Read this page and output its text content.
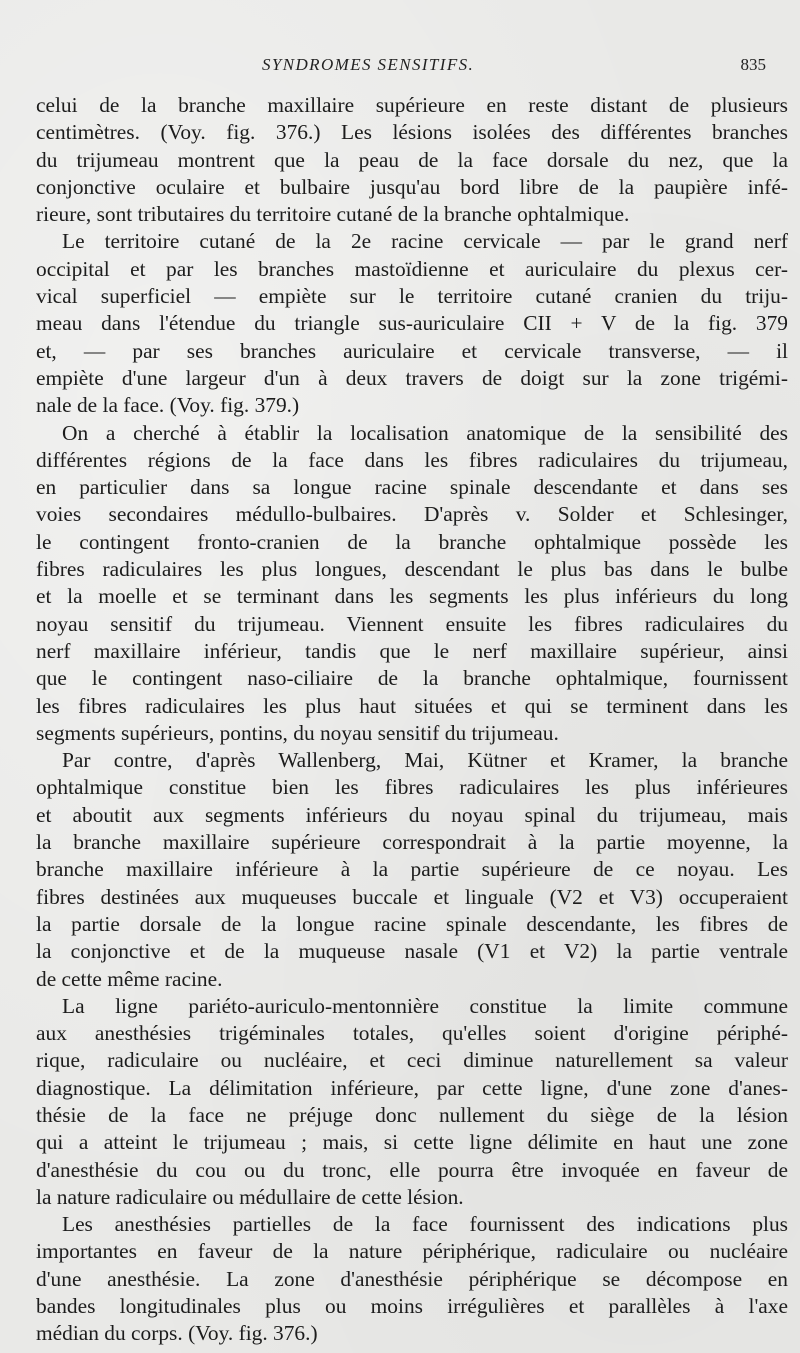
SYNDROMES SENSITIFS.	835
celui de la branche maxillaire supérieure en reste distant de plusieurs
centimètres. (Voy. fig. 376.) Les lésions isolées des différentes branches
du trijumeau montrent que la peau de la face dorsale du nez, que la
conjonctive oculaire et bulbaire jusqu'au bord libre de la paupière infé-
rieure, sont tributaires du territoire cutané de la branche ophtalmique.
Le territoire cutané de la 2e racine cervicale — par le grand nerf
occipital et par les branches mastoïdienne et auriculaire du plexus cer-
vical superficiel — empiète sur le territoire cutané cranien du triju-
meau dans l'étendue du triangle sus-auriculaire CII + V de la fig. 379
et, — par ses branches auriculaire et cervicale transverse, — il
empiète d'une largeur d'un à deux travers de doigt sur la zone trigémi-
nale de la face. (Voy. fig. 379.)
On a cherché à établir la localisation anatomique de la sensibilité des
différentes régions de la face dans les fibres radiculaires du trijumeau,
en particulier dans sa longue racine spinale descendante et dans ses
voies secondaires médullo-bulbaires. D'après v. Solder et Schlesinger,
le contingent fronto-cranien de la branche ophtalmique possède les
fibres radiculaires les plus longues, descendant le plus bas dans le bulbe
et la moelle et se terminant dans les segments les plus inférieurs du long
noyau sensitif du trijumeau. Viennent ensuite les fibres radiculaires du
nerf maxillaire inférieur, tandis que le nerf maxillaire supérieur, ainsi
que le contingent naso-ciliaire de la branche ophtalmique, fournissent
les fibres radiculaires les plus haut situées et qui se terminent dans les
segments supérieurs, pontins, du noyau sensitif du trijumeau.
Par contre, d'après Wallenberg, Mai, Kütner et Kramer, la branche
ophtalmique constitue bien les fibres radiculaires les plus inférieures
et aboutit aux segments inférieurs du noyau spinal du trijumeau, mais
la branche maxillaire supérieure correspondrait à la partie moyenne, la
branche maxillaire inférieure à la partie supérieure de ce noyau. Les
fibres destinées aux muqueuses buccale et linguale (V2 et V3) occuperaient
la partie dorsale de la longue racine spinale descendante, les fibres de
la conjonctive et de la muqueuse nasale (V1 et V2) la partie ventrale
de cette même racine.
La ligne pariéto-auriculo-mentonnière constitue la limite commune
aux anesthésies trigéminales totales, qu'elles soient d'origine périphé-
rique, radiculaire ou nucléaire, et ceci diminue naturellement sa valeur
diagnostique. La délimitation inférieure, par cette ligne, d'une zone d'anes-
thésie de la face ne préjuge donc nullement du siège de la lésion
qui a atteint le trijumeau ; mais, si cette ligne délimite en haut une zone
d'anesthésie du cou ou du tronc, elle pourra être invoquée en faveur de
la nature radiculaire ou médullaire de cette lésion.
Les anesthésies partielles de la face fournissent des indications plus
importantes en faveur de la nature périphérique, radiculaire ou nucléaire
d'une anesthésie. La zone d'anesthésie périphérique se décompose en
bandes longitudinales plus ou moins irrégulières et parallèles à l'axe
médian du corps. (Voy. fig. 376.)
